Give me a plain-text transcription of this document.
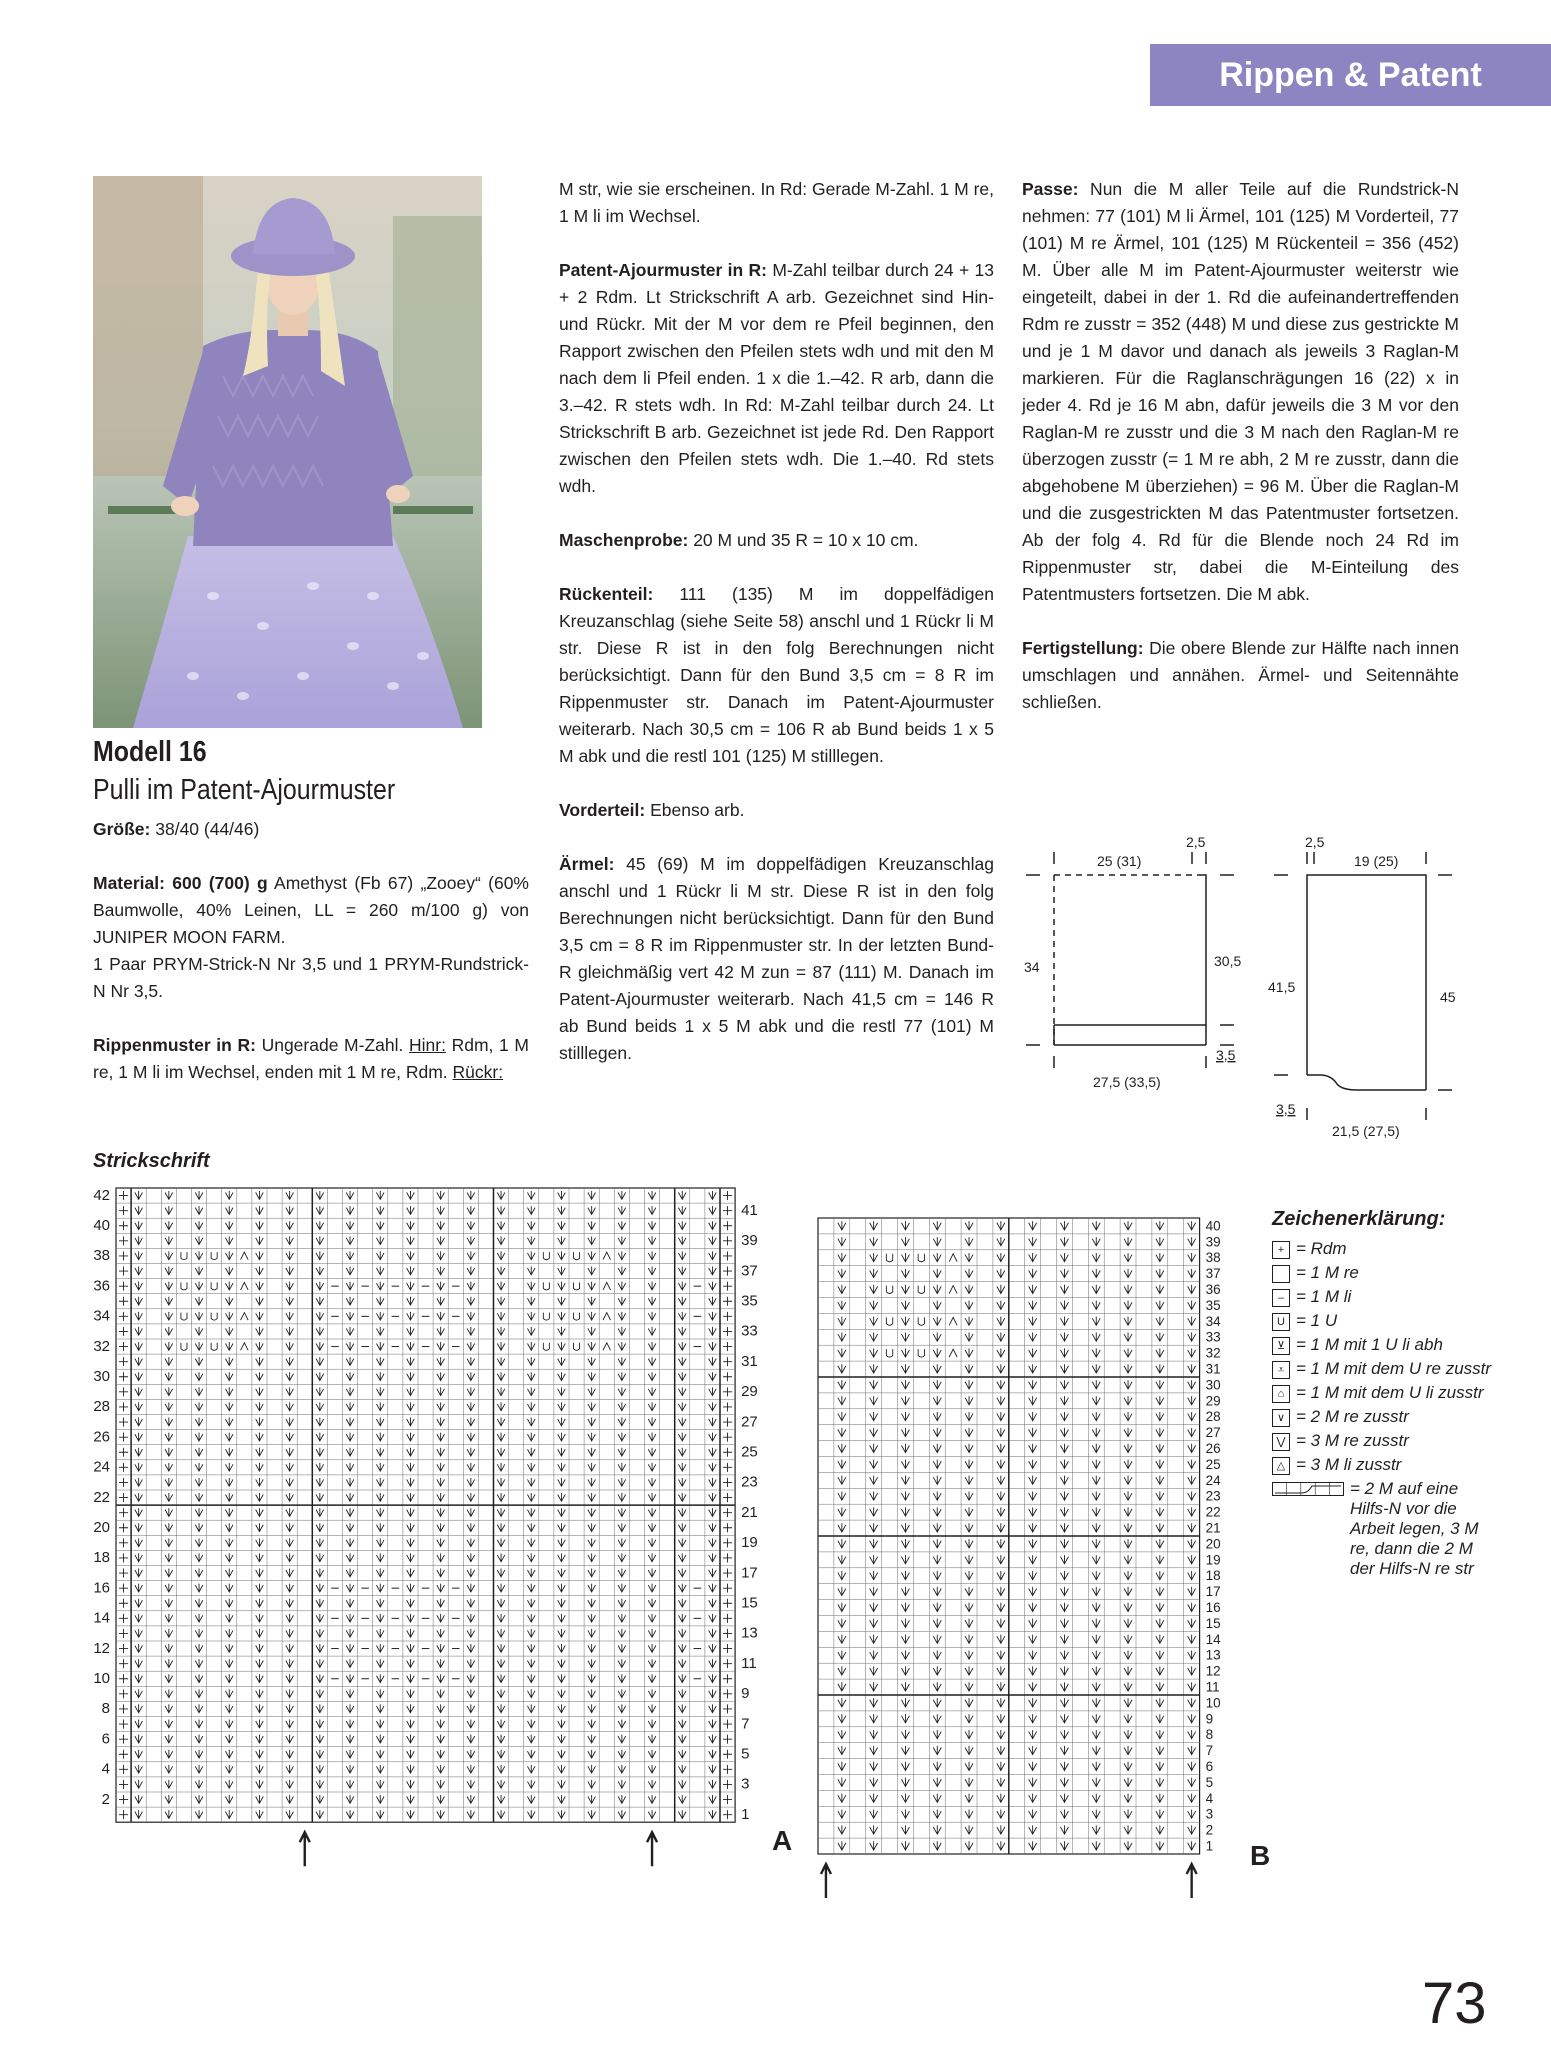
Rippen & Patent
Modell 16
Pulli im Patent-Ajourmuster

Größe: 38/40 (44/46)

Material: 600 (700) g Amethyst (Fb 67) „Zooey“ (60% Baumwolle, 40% Leinen, LL = 260 m/100 g) von JUNIPER MOON FARM.

1 Paar PRYM-Strick-N Nr 3,5 und 1 PRYM-Rundstrick-N Nr 3,5.

Rippenmuster in R: Ungerade M-Zahl. Hinr: Rdm, 1 M re, 1 M li im Wechsel, enden mit 1 M re, Rdm. Rückr:

M str, wie sie erscheinen. In Rd: Gerade M-Zahl. 1 M re, 1 M li im Wechsel.

Patent-Ajourmuster in R: M-Zahl teilbar durch 24 + 13 + 2 Rdm. Lt Strickschrift A arb. Gezeichnet sind Hin- und Rückr. Mit der M vor dem re Pfeil beginnen, den Rapport zwischen den Pfeilen stets wdh und mit den M nach dem li Pfeil enden. 1 x die 1.–42. R arb, dann die 3.–42. R stets wdh. In Rd: M-Zahl teilbar durch 24. Lt Strickschrift B arb. Gezeichnet ist jede Rd. Den Rapport zwischen den Pfeilen stets wdh. Die 1.–40. Rd stets wdh.

Maschenprobe: 20 M und 35 R = 10 x 10 cm.

Rückenteil: 111 (135) M im doppelfädigen Kreuzanschlag (siehe Seite 58) anschl und 1 Rückr li M str. Diese R ist in den folg Berechnungen nicht berücksichtigt. Dann für den Bund 3,5 cm = 8 R im Rippenmuster str. Danach im Patent-Ajourmuster weiterarb. Nach 30,5 cm = 106 R ab Bund beids 1 x 5 M abk und die restl 101 (125) M stilllegen.

Vorderteil: Ebenso arb.

Ärmel: 45 (69) M im doppelfädigen Kreuzanschlag anschl und 1 Rückr li M str. Diese R ist in den folg Berechnungen nicht berücksichtigt. Dann für den Bund 3,5 cm = 8 R im Rippenmuster str. In der letzten Bund-R gleichmäßig vert 42 M zun = 87 (111) M. Danach im Patent-Ajourmuster weiterarb. Nach 41,5 cm = 146 R ab Bund beids 1 x 5 M abk und die restl 77 (101) M stilllegen.

Passe: Nun die M aller Teile auf die Rundstrick-N nehmen: 77 (101) M li Ärmel, 101 (125) M Vorderteil, 77 (101) M re Ärmel, 101 (125) M Rückenteil = 356 (452) M. Über alle M im Patent-Ajourmuster weiterstr wie eingeteilt, dabei in der 1. Rd die aufeinandertreffenden Rdm re zusstr = 352 (448) M und diese zus gestrickte M und je 1 M davor und danach als jeweils 3 Raglan-M markieren. Für die Raglanschrägungen 16 (22) x in jeder 4. Rd je 16 M abn, dafür jeweils die 3 M vor den Raglan-M re zusstr und die 3 M nach den Raglan-M re überzogen zusstr (= 1 M re abh, 2 M re zusstr, dann die abgehobene M überziehen) = 96 M. Über die Raglan-M und die zusgestrickten M das Patentmuster fortsetzen. Ab der folg 4. Rd für die Blende noch 24 Rd im Rippenmuster str, dabei die M-Einteilung des Patentmusters fortsetzen. Die M abk.

Fertigstellung: Die obere Blende zur Hälfte nach innen umschlagen und annähen. Ärmel- und Seitennähte schließen.

25 (31)
2,5
34	30,5
3,5
27,5 (33,5)
2,5
19 (25)
41,5
45
3,5
21,5 (27,5)
Strickschrift
42
41
40
39
38
37
36
35
34
33
32
31
30
29
28
27
26
25
24
23
22
21
20
19
18
17
16
15
14
13
12
11
10
9
8
7
6
5
4
3
2
1
A
40
39
38
37
36
35
34
33
32
31
30
29
28
27
26
25
24
23
22
21
20
19
18
17
16
15
14
13
12
11
10
9
8
7
6
5
4
3
2
1 B
Zeichenerklärung:
+ = Rdm
= 1 M re
– = 1 M li
U = 1 U
⊻ = 1 M mit 1 U li abh
⩡ = 1 M mit dem U re zusstr
⌂ = 1 M mit dem U li zusstr
∨ = 2 M re zusstr
⋁ = 3 M re zusstr
△ = 3 M li zusstr
= 2 M auf eine Hilfs-N vor die Arbeit legen, 3 M re, dann die 2 M der Hilfs-N re str
73
